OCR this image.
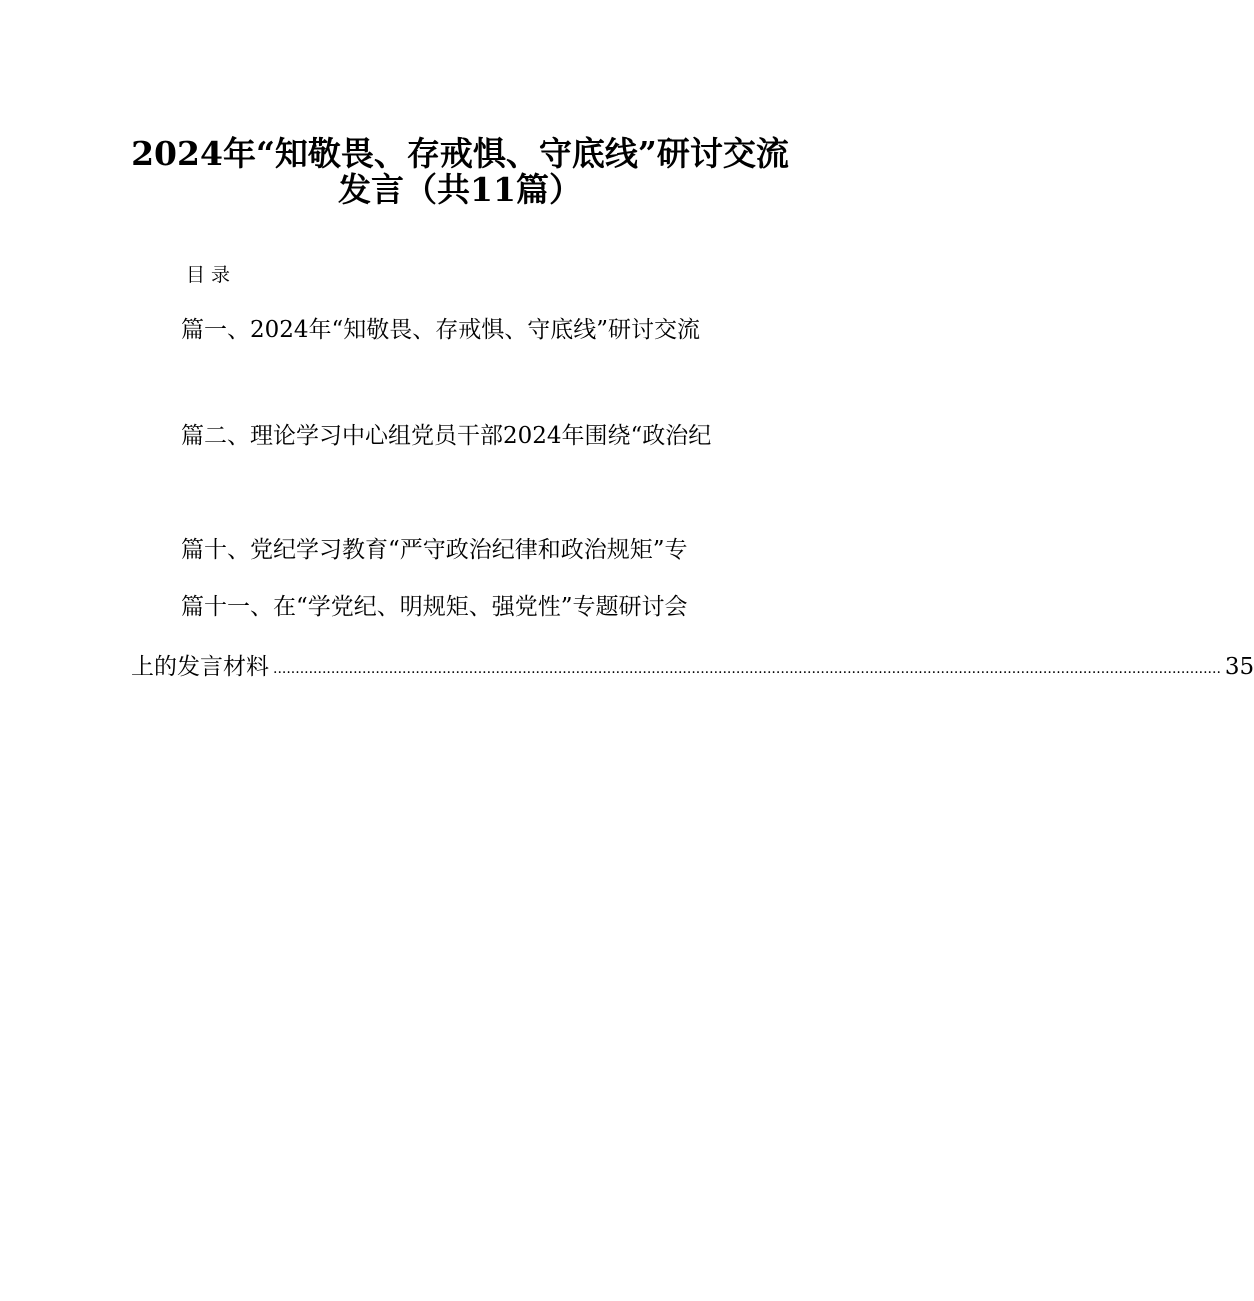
2024年“知敬畏、存戒惧、守底线”研讨交流
发言（共11篇）
目录
篇一、2024年“知敬畏、存戒惧、守底线”研讨交流
篇二、理论学习中心组党员干部2024年围绕“政治纪
篇十、党纪学习教育“严守政治纪律和政治规矩”专
篇十一、在“学党纪、明规矩、强党性”专题研讨会
上的发言材料 ..................................................................................................................................................................................................................... 35
